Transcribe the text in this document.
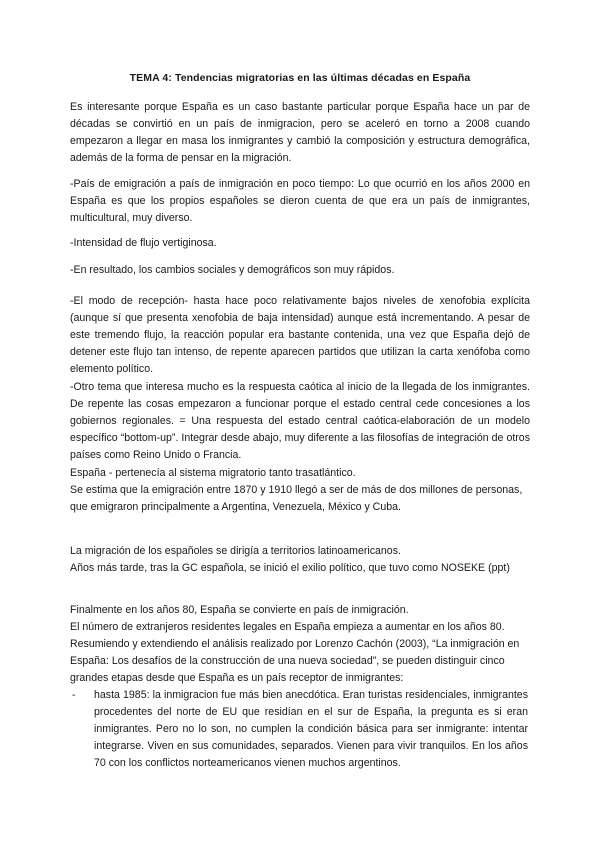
TEMA 4: Tendencias migratorias en las últimas décadas en España

Es interesante porque España es un caso bastante particular porque España hace un par de décadas se convirtió en un país de inmigracion, pero se aceleró en torno a 2008 cuando empezaron a llegar en masa los inmigrantes y cambió la composición y estructura demográfica, además de la forma de pensar en la migración.

-País de emigración a país de inmigración en poco tiempo: Lo que ocurrió en los años 2000 en España es que los propios españoles se dieron cuenta de que era un país de inmigrantes, multicultural, muy diverso.

-Intensidad de flujo vertiginosa.

-En resultado, los cambios sociales y demográficos son muy rápidos.

-El modo de recepción- hasta hace poco relativamente bajos niveles de xenofobia explícita (aunque sí que presenta xenofobia de baja intensidad) aunque está incrementando. A pesar de este tremendo flujo, la reacción popular era bastante contenida, una vez que España dejó de detener este flujo tan intenso, de repente aparecen partidos que utilizan la carta xenófoba como elemento político.

-Otro tema que interesa mucho es la respuesta caótica al inicio de la llegada de los inmigrantes. De repente las cosas empezaron a funcionar porque el estado central cede concesiones a los gobiernos regionales. = Una respuesta del estado central caótica-elaboración de un modelo específico “bottom-up”. Integrar desde abajo, muy diferente a las filosofías de integración de otros países como Reino Unido o Francia.

España - pertenecía al sistema migratorio tanto trasatlántico.

Se estima que la emigración entre 1870 y 1910 llegó a ser de más de dos millones de personas, que emigraron principalmente a Argentina, Venezuela, México y Cuba.

La migración de los españoles se dirigía a territorios latinoamericanos.

Años más tarde, tras la GC española, se inició el exilio político, que tuvo como NOSEKE (ppt)

Finalmente en los años 80, España se convierte en país de inmigración.

El número de extranjeros residentes legales en España empieza a aumentar en los años 80. Resumiendo y extendiendo el análisis realizado por Lorenzo Cachón (2003), “La inmigración en España: Los desafíos de la construcción de una nueva sociedad”, se pueden distinguir cinco grandes etapas desde que España es un país receptor de inmigrantes:

- hasta 1985: la inmigracion fue más bien anecdótica. Eran turistas residenciales, inmigrantes procedentes del norte de EU que residían en el sur de España, la pregunta es si eran inmigrantes. Pero no lo son, no cumplen la condición básica para ser inmigrante: intentar integrarse. Viven en sus comunidades, separados. Vienen para vivir tranquilos. En los años 70 con los conflictos norteamericanos vienen muchos argentinos.
